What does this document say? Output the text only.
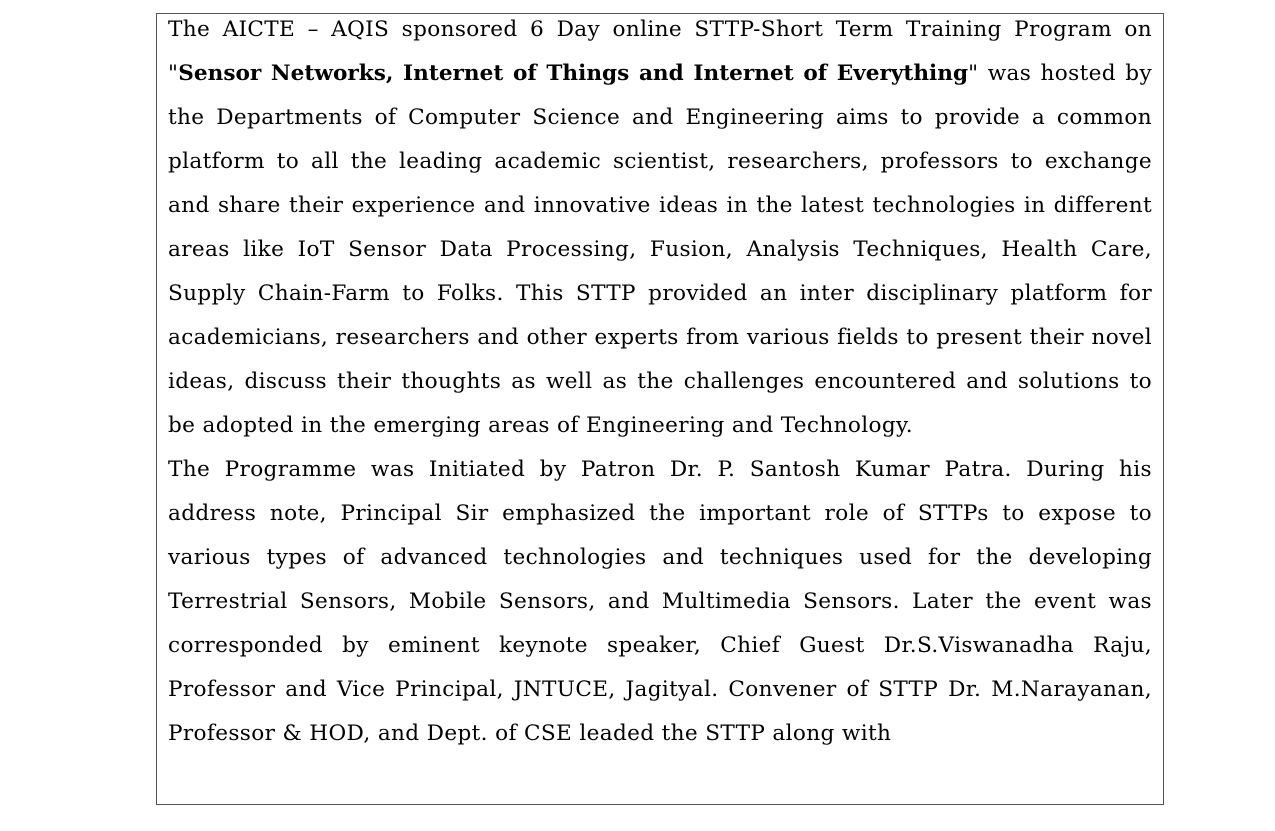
The AICTE – AQIS sponsored 6 Day online STTP-Short Term Training Program on "Sensor Networks, Internet of Things and Internet of Everything" was hosted by the Departments of Computer Science and Engineering aims to provide a common platform to all the leading academic scientist, researchers, professors to exchange and share their experience and innovative ideas in the latest technologies in different areas like IoT Sensor Data Processing, Fusion, Analysis Techniques, Health Care, Supply Chain-Farm to Folks. This STTP provided an inter disciplinary platform for academicians, researchers and other experts from various fields to present their novel ideas, discuss their thoughts as well as the challenges encountered and solutions to be adopted in the emerging areas of Engineering and Technology.

The Programme was Initiated by Patron Dr. P. Santosh Kumar Patra. During his address note, Principal Sir emphasized the important role of STTPs to expose to various types of advanced technologies and techniques used for the developing Terrestrial Sensors, Mobile Sensors, and Multimedia Sensors. Later the event was corresponded by eminent keynote speaker, Chief Guest Dr.S.Viswanadha Raju, Professor and Vice Principal, JNTUCE, Jagityal. Convener of STTP Dr. M.Narayanan, Professor & HOD, and Dept. of CSE leaded the STTP along with
